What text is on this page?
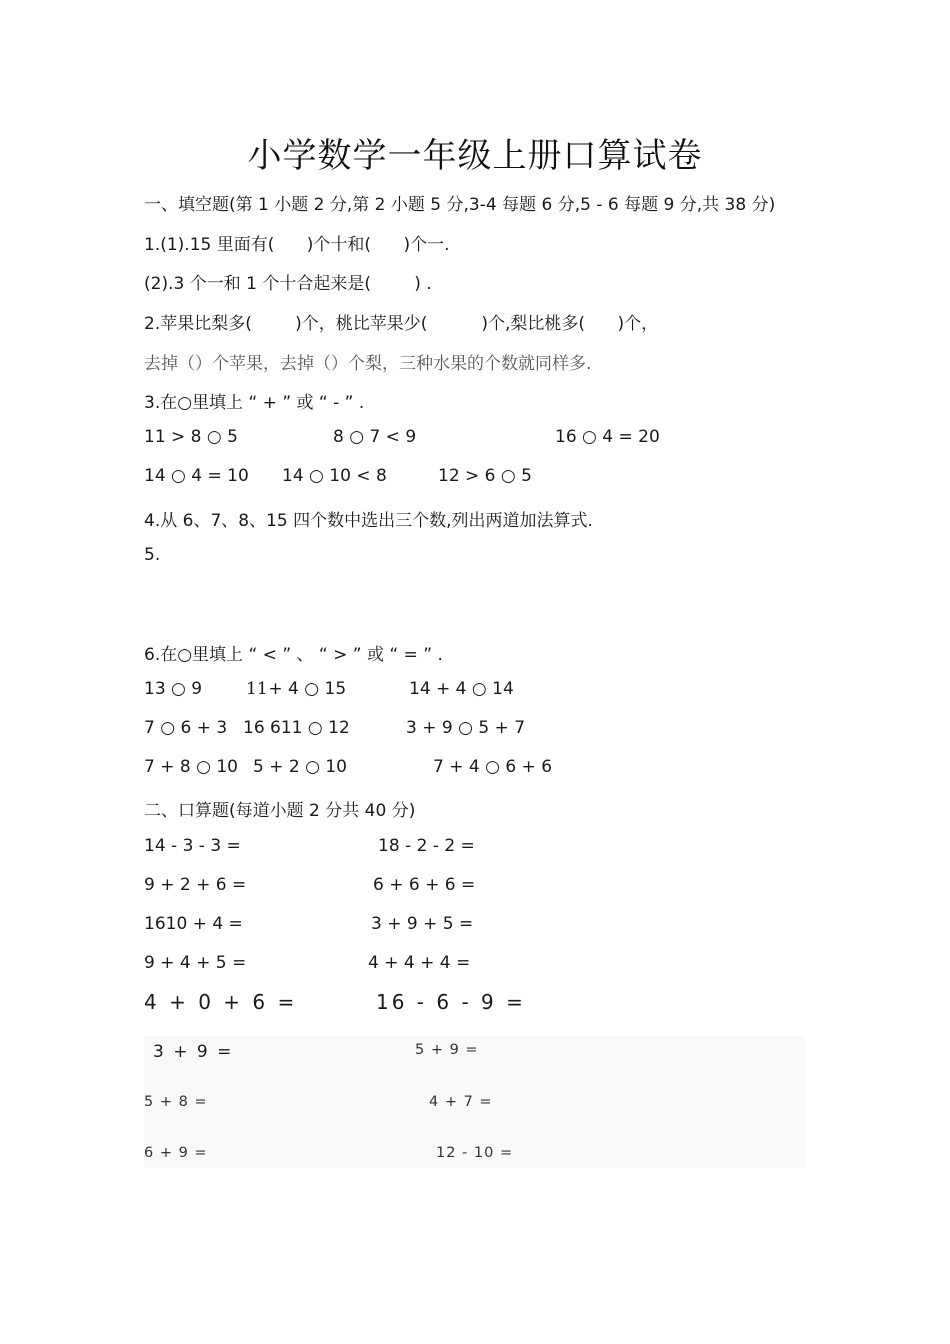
小学数学一年级上册口算试卷
一、填空题(第 1 小题 2 分,第 2 小题 5 分,3-4 每题 6 分,5 - 6 每题 9 分,共 38 分)
1.(1).15 里面有(      )个十和(      )个一.
(2).3 个一和 1 个十合起来是(        ) .
2.苹果比梨多(        )个，桃比苹果少(          )个,梨比桃多(      )个，
去掉（）个苹果，去掉（）个梨，三种水果的个数就同样多.
3.在○里填上 “ + ” 或 “ - ” .

11 > 8 ○ 5

	8 ○ 7 < 9

	16 ○ 4 = 20

14 ○ 4 = 10

14 ○ 10 < 8

	12 > 6 ○ 5

4.从 6、7、8、15 四个数中选出三个数,列出两道加法算式.
5.
6.在○里填上 “ < ” 、 “ > ” 或 “ = ” .

13 ○ 9

	11

+ 4 ○ 15

	14 + 4 ○ 14

7 ○ 6 + 3

16 611 ○ 12

	3 + 9 ○ 5 + 7

7 + 8 ○ 10

5 + 2 ○ 10

	7 + 4 ○ 6 + 6

二、口算题(每道小题 2 分共 40 分)

14 - 3 - 3 =

	18 - 2 - 2 =

9 + 2 + 6 =

	6 + 6 + 6 =

1610 + 4 =

	3 + 9 + 5 =

9 + 4 + 5 =

	4 + 4 + 4 =

4 + 0 + 6 =

	16 - 6 - 9 =

3 + 9 =

	5 + 9 =

5 + 8 =

	4 + 7 =

6 + 9 =

	12 - 10 =
